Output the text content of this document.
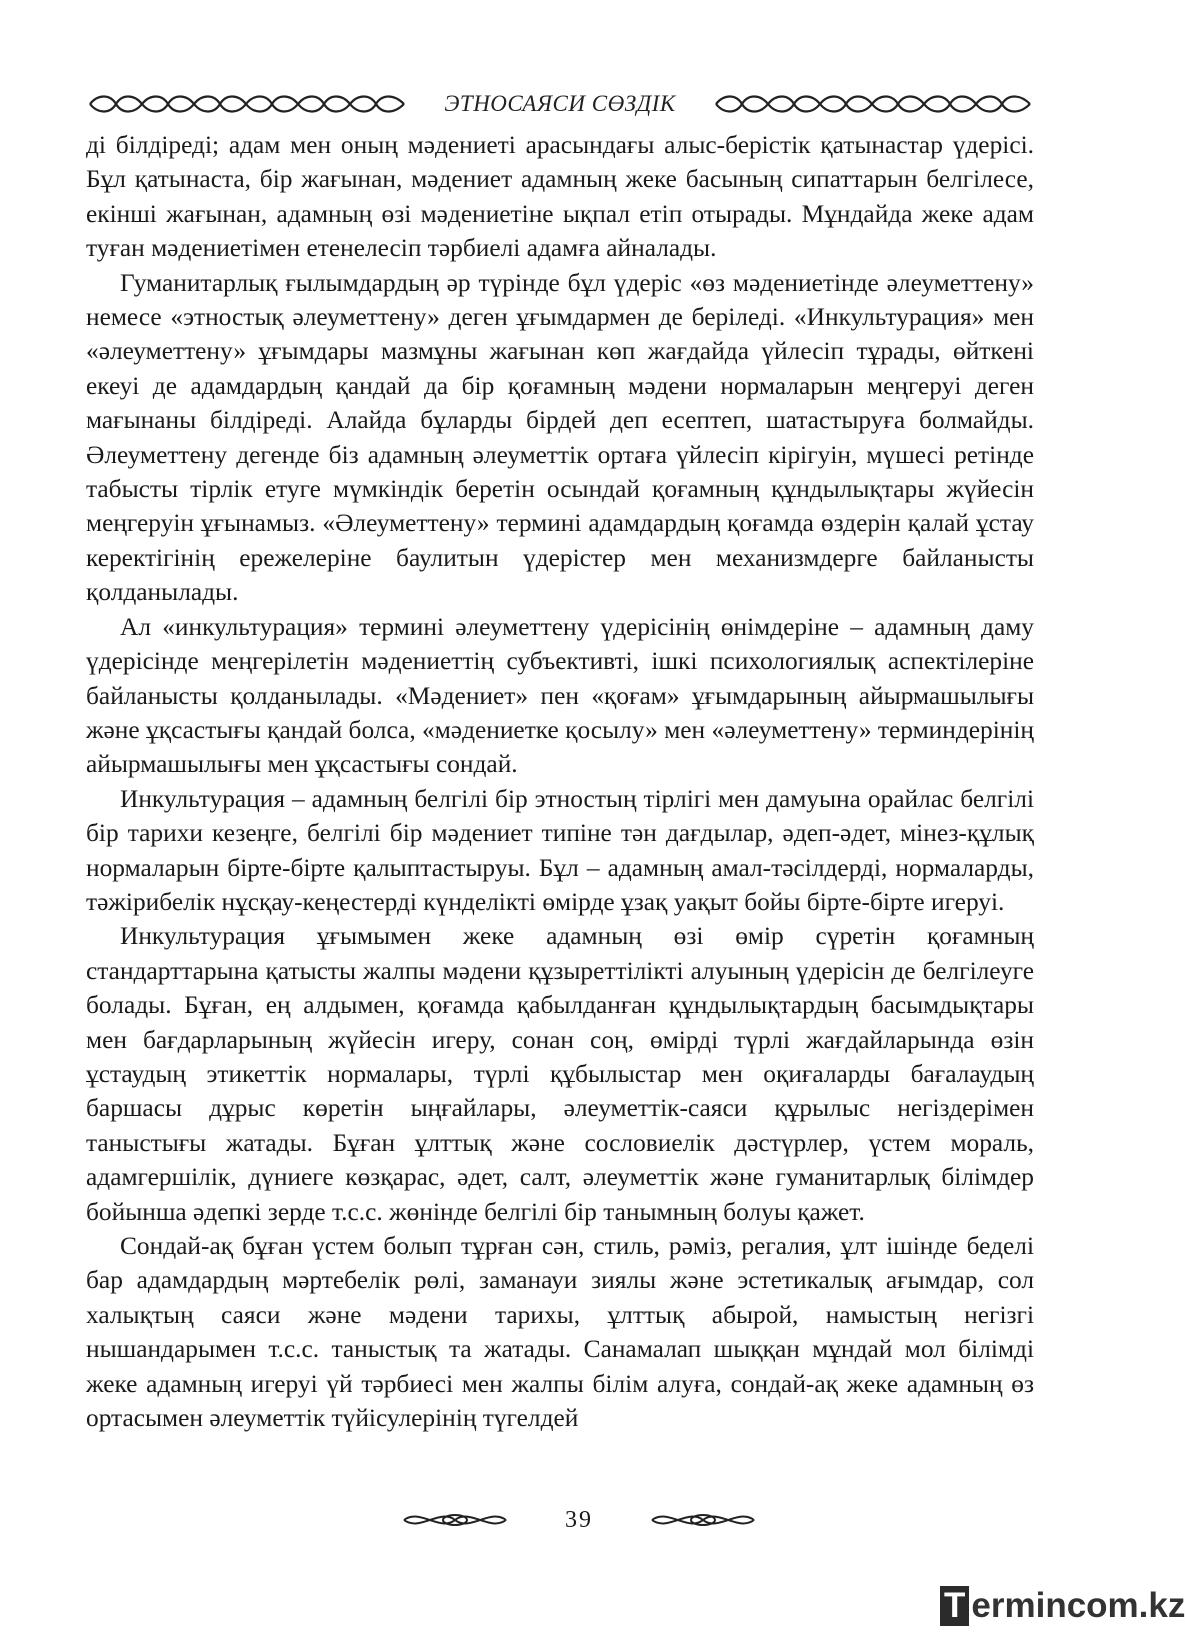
ЭТНОСАЯСИ СӨЗДІК

ді білдіреді; адам мен оның мәдениеті арасындағы алыс-берістік қатынастар үдерісі. Бұл қатынаста, бір жағынан, мәдениет адамның жеке басының сипаттарын белгілесе, екінші жағынан, адамның өзі мәдениетіне ықпал етіп отырады. Мұндайда жеке адам туған мәдениетімен етенелесіп тәрбиелі адамға айналады.

Гуманитарлық ғылымдардың әр түрінде бұл үдеріс «өз мәдениетінде әлеуметтену» немесе «этностық әлеуметтену» деген ұғымдармен де беріледі. «Инкультурация» мен «әлеуметтену» ұғымдары мазмұны жағынан көп жағдайда үйлесіп тұрады, өйткені екеуі де адамдардың қандай да бір қоғамның мәдени нормаларын меңгеруі деген мағынаны білдіреді. Алайда бұларды бірдей деп есептеп, шатастыруға болмайды. Әлеуметтену дегенде біз адамның әлеуметтік ортаға үйлесіп кірігуін, мүшесі ретінде табысты тірлік етуге мүмкіндік беретін осындай қоғамның құндылықтары жүйесін меңгеруін ұғынамыз. «Әлеуметтену» термині адамдардың қоғамда өздерін қалай ұстау керектігінің ережелеріне баулитын үдерістер мен механизмдерге байланысты қолданылады.

Ал «инкультурация» термині әлеуметтену үдерісінің өнімдеріне – адамның даму үдерісінде меңгерілетін мәдениеттің субъективті, ішкі психологиялық аспектілеріне байланысты қолданылады. «Мәдениет» пен «қоғам» ұғымдарының айырмашылығы және ұқсастығы қандай болса, «мәдениетке қосылу» мен «әлеуметтену» терминдерінің айырмашылығы мен ұқсастығы сондай.

Инкультурация – адамның белгілі бір этностың тірлігі мен дамуына орайлас белгілі бір тарихи кезеңге, белгілі бір мәдениет типіне тән дағдылар, әдеп-әдет, мінез-құлық нормаларын бірте-бірте қалыптастыруы. Бұл – адамның амал-тәсілдерді, нормаларды, тәжірибелік нұсқау-кеңестерді күнделікті өмірде ұзақ уақыт бойы бірте-бірте игеруі.

Инкультурация ұғымымен жеке адамның өзі өмір сүретін қоғамның стандарттарына қатысты жалпы мәдени құзыреттілікті алуының үдерісін де белгілеуге болады. Бұған, ең алдымен, қоғамда қабылданған құндылықтардың басымдықтары мен бағдарларының жүйесін игеру, сонан соң, өмірді түрлі жағдайларында өзін ұстаудың этикеттік нормалары, түрлі құбылыстар мен оқиғаларды бағалаудың баршасы дұрыс көретін ыңғайлары, әлеуметтік-саяси құрылыс негіздерімен таныстығы жатады. Бұған ұлттық және сословиелік дәстүрлер, үстем мораль, адамгершілік, дүниеге көзқарас, әдет, салт, әлеуметтік және гуманитарлық білімдер бойынша әдепкі зерде т.с.с. жөнінде белгілі бір танымның болуы қажет.

Сондай-ақ бұған үстем болып тұрған сән, стиль, рәміз, регалия, ұлт ішінде беделі бар адамдардың мәртебелік рөлі, заманауи зиялы және эстетикалық ағымдар, сол халықтың саяси және мәдени тарихы, ұлттық абырой, намыстың негізгі нышандарымен т.с.с. таныстық та жатады. Санамалап шыққан мұндай мол білімді жеке адамның игеруі үй тәрбиесі мен жалпы білім алуға, сондай-ақ жеке адамның өз ортасымен әлеуметтік түйісулерінің түгелдей

39
T ermincom.kz
